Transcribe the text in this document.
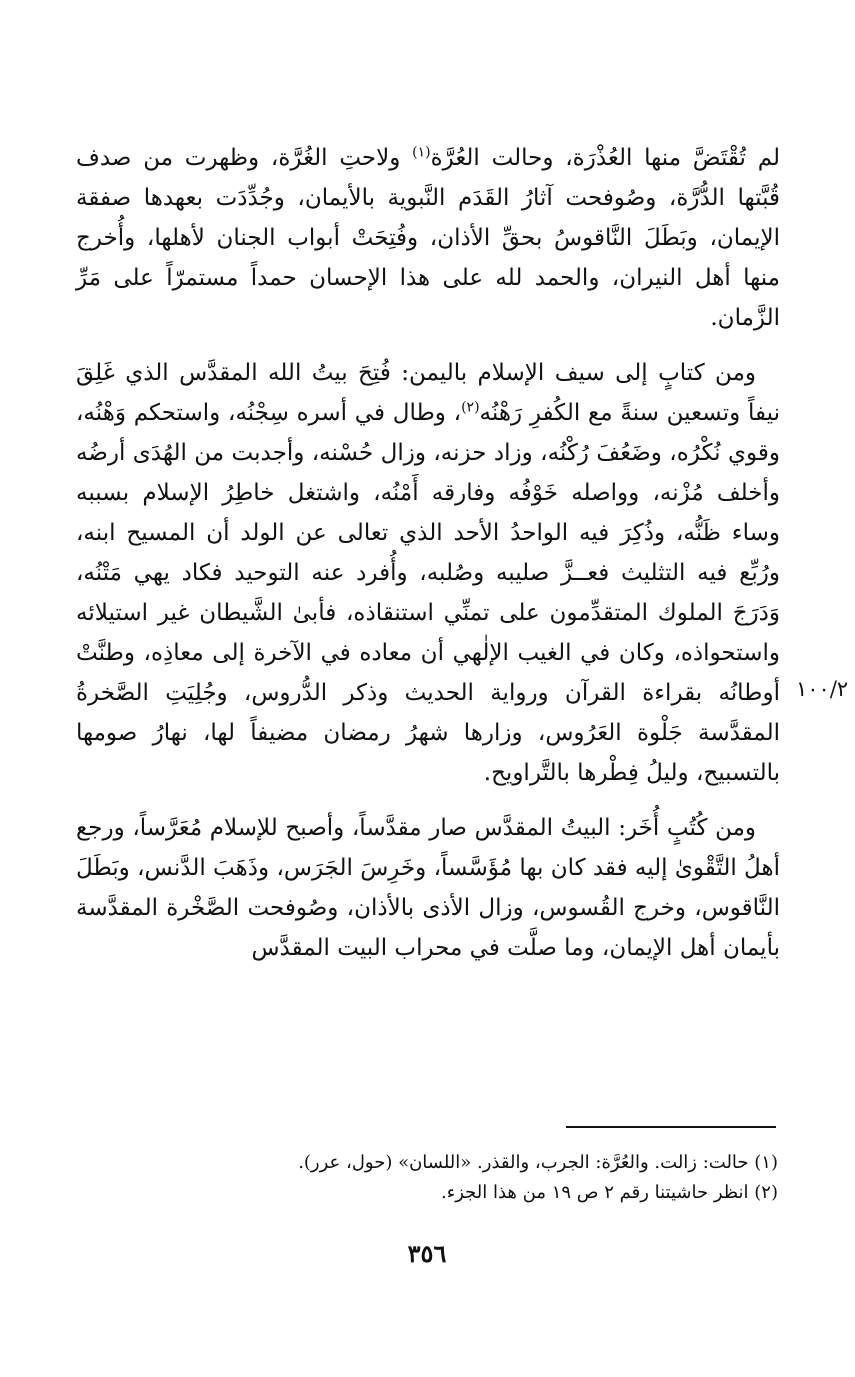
لم تُقْتَضَّ منها العُذْرَة، وحالت العُرَّة$^{(١)}$ ولاحتِ الغُرَّة، وظهرت من صدف قُبَّتها الدُّرَّة، وصُوفحت آثارُ القَدَم النَّبوية بالأيمان، وجُدِّدَت بعهدها صفقة الإيمان، وبَطَلَ النَّاقوسُ بحقِّ الأذان، وفُتِحَتْ أبواب الجنان لأهلها، وأُخرج منها أهل النيران، والحمد لله على هذا الإحسان حمداً مستمرّاً على مَرِّ الزَّمان.

ومن كتابٍ إلى سيف الإسلام باليمن: فُتِحَ بيتُ الله المقدَّس الذي غَلِقَ نيفاً وتسعين سنةً مع الكُفرِ رَهْنُه$^{(٢)}$، وطال في أسره سِجْنُه، واستحكم وَهْنُه، وقوي نُكْرُه، وضَعُفَ رُكْنُه، وزاد حزنه، وزال حُسْنه، وأجدبت من الهُدَى أرضُه وأخلف مُزْنه، وواصله خَوْفُه وفارقه أَمْنُه، واشتغل خاطِرُ الإسلام بسببه وساء ظَنُّه، وذُكِرَ فيه الواحدُ الأحد الذي تعالى عن الولد أن المسيح ابنه، ورُبِّع فيه التثليث فعــزَّ صليبه وصُلبه، وأُفرد عنه التوحيد فكاد يهي مَتْنُه، وَدَرَجَ الملوك المتقدِّمون على تمنِّي استنقاذه، فأبىٰ الشَّيطان غير استيلائه واستحواذه، وكان في الغيب الإلٰهي أن معاده في الآخرة إلى معاذِه، وطنَّتْ أوطانُه بقراءة القرآن ورواية الحديث وذكر الدُّروس، وجُلِيَتِ الصَّخرةُ المقدَّسة جَلْوة العَرُوس، وزارها شهرُ رمضان مضيفاً لها، نهارُ صومها بالتسبيح، وليلُ فِطْرها بالتَّراويح.

ومن كُتُبٍ أُخَر: البيتُ المقدَّس صار مقدَّساً، وأصبح للإسلام مُعَرَّساً، ورجع أهلُ التَّقْوىٰ إليه فقد كان بها مُؤَسَّساً، وخَرِسَ الجَرَس، وذَهَبَ الدَّنس، وبَطَلَ النَّاقوس، وخرج القُسوس، وزال الأذى بالأذان، وصُوفحت الصَّخْرة المقدَّسة بأيمان أهل الإيمان، وما صلَّت في محراب البيت المقدَّس

١٠٠/٢

(١) حالت: زالت. والعُرَّة: الجرب، والقذر. «اللسان» (حول، عرر).

(٢) انظر حاشيتنا رقم ٢ ص ١٩ من هذا الجزء.

٣٥٦
